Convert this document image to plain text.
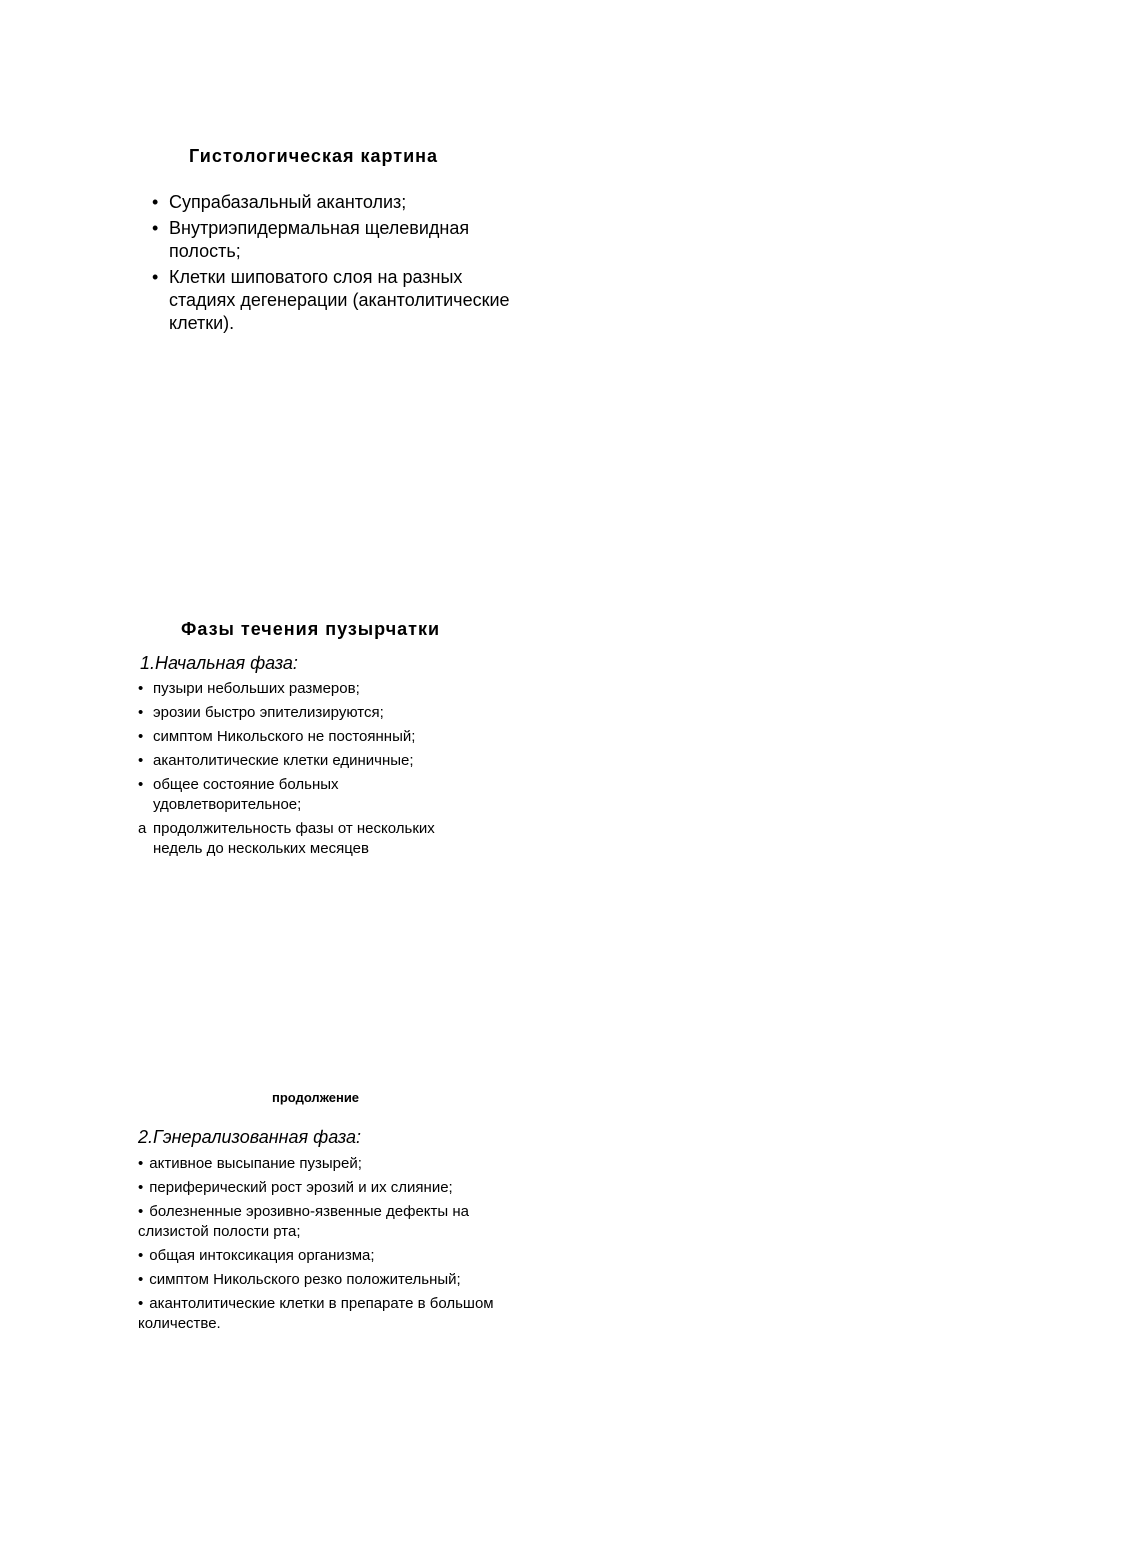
Гистологическая картина
• Супрабазальный акантолиз;
• Внутриэпидермальная щелевидная полость;
• Клетки шиповатого слоя на разных стадиях дегенерации (акантолитические клетки).
Фазы течения пузырчатки
1.Начальная фаза:
• пузыри небольших размеров;
• эрозии быстро эпителизируются;
• симптом Никольского не постоянный;
• акантолитические клетки единичные;
• общее состояние больных удовлетворительное;
а продолжительность фазы от нескольких недель до нескольких месяцев
продолжение
2.Гэнерализованная фаза:
• активное высыпание пузырей;
• периферический рост эрозий и их слияние;
• болезненные эрозивно-язвенные дефекты на слизистой полости рта;
• общая интоксикация организма;
• симптом Никольского резко положительный;
• акантолитические клетки в препарате в большом количестве.
